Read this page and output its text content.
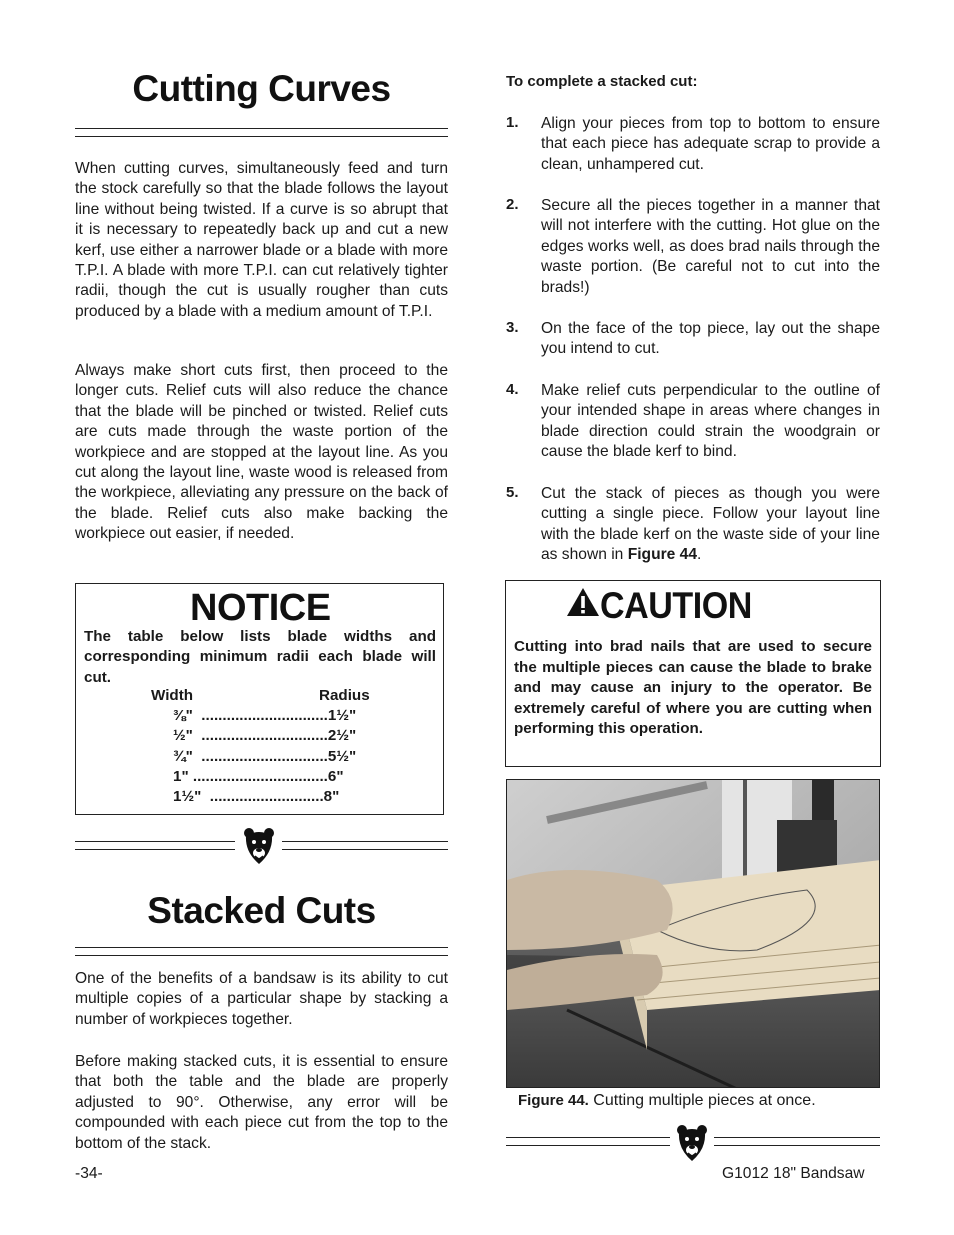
Cutting Curves

When cutting curves, simultaneously feed and turn the stock carefully so that the blade follows the layout line without being twisted. If a curve is so abrupt that it is necessary to repeatedly back up and cut a new kerf, use either a narrower blade or a blade with more T.P.I. A blade with more T.P.I. can cut relatively tighter radii, though the cut is usually rougher than cuts produced by a blade with a medium amount of T.P.I.

Always make short cuts first, then proceed to the longer cuts. Relief cuts will also reduce the chance that the blade will be pinched or twisted. Relief cuts are cuts made through the waste portion of the workpiece and are stopped at the layout line. As you cut along the layout line, waste wood is released from the workpiece, alleviating any pressure on the back of the blade. Relief cuts also make backing the workpiece out easier, if needed.

NOTICE
The table below lists blade widths and corresponding minimum radii each blade will cut.
Width	Radius
⅜"  ..............................1½"
½"  ..............................2½"
¾"  ..............................5½"
1" ................................6"
1½"  ...........................8"
Stacked Cuts

One of the benefits of a bandsaw is its ability to cut multiple copies of a particular shape by stacking a number of workpieces together.

Before making stacked cuts, it is essential to ensure that both the table and the blade are properly adjusted to 90°. Otherwise, any error will be compounded with each piece cut from the top to the bottom of the stack.

To complete a stacked cut:
1. Align your pieces from top to bottom to ensure that each piece has adequate scrap to provide a clean, unhampered cut.
2. Secure all the pieces together in a manner that will not interfere with the cutting. Hot glue on the edges works well, as does brad nails through the waste portion. (Be careful not to cut into the brads!)
3. On the face of the top piece, lay out the shape you intend to cut.
4. Make relief cuts perpendicular to the outline of your intended shape in areas where changes in blade direction could strain the woodgrain or cause the blade kerf to bind.
5. Cut the stack of pieces as though you were cutting a single piece. Follow your layout line with the blade kerf on the waste side of your line as shown in Figure 44.
CAUTION
Cutting into brad nails that are used to secure the multiple pieces can cause the blade to brake and may cause an injury to the operator. Be extremely careful of where you are cutting when performing this operation.
Figure 44. Cutting multiple pieces at once.
-34-	G1012 18" Bandsaw
